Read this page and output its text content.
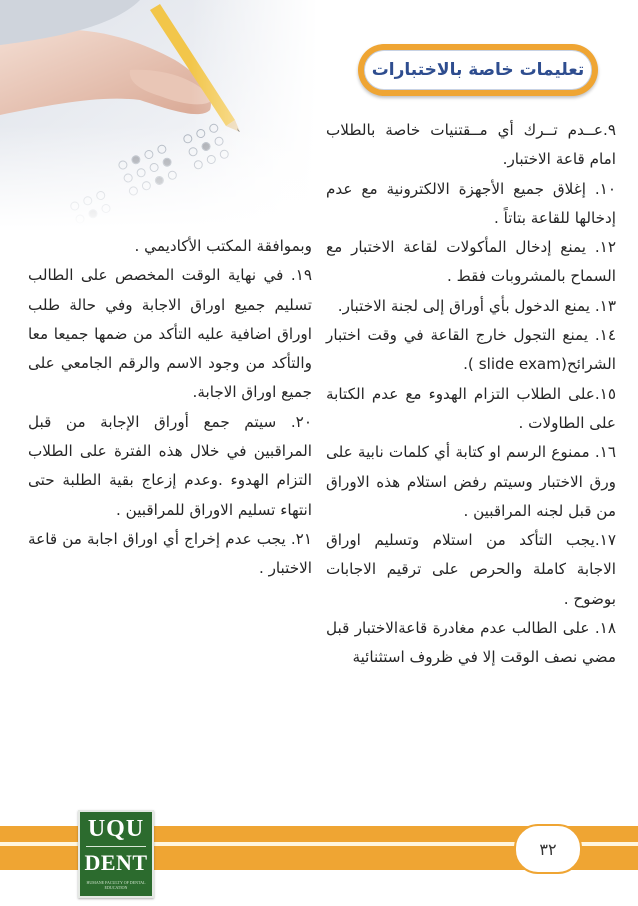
تعليمات خاصة بالاختبارات

٩.عــدم تــرك أي مــقتنيات خاصة بالطلاب امام قاعة الاختبار.

١٠. إغلاق جميع الأجهزة الالكترونية مع عدم إدخالها للقاعة بتاتاً .

١٢. يمنع إدخال المأكولات لقاعة الاختبار مع السماح بالمشروبات فقط .

١٣. يمنع الدخول بأي أوراق إلى لجنة الاختبار.

١٤. يمنع التجول خارج القاعة في وقت اختبار الشرائح(slide exam ).

١٥.على الطلاب التزام الهدوء مع عدم الكتابة على الطاولات .

١٦. ممنوع الرسم او كتابة أي كلمات نابية على ورق الاختبار وسيتم رفض استلام هذه الاوراق من قبل لجنه المراقبين .

١٧.يجب التأكد من استلام وتسليم اوراق الاجابة كاملة والحرص على ترقيم الاجابات بوضوح .

١٨. على الطالب عدم مغادرة قاعةالاختبار قبل مضي نصف الوقت إلا في ظروف استثنائية

وبموافقة المكتب الأكاديمي .

١٩. في نهاية الوقت المخصص على الطالب تسليم جميع اوراق الاجابة وفي حالة طلب اوراق اضافية عليه التأكد من ضمها جميعا معا والتأكد من وجود الاسم والرقم الجامعي على جميع اوراق الاجابة.

٢٠. سيتم جمع أوراق الإجابة من قبل المراقبين في خلال هذه الفترة على الطلاب التزام الهدوء .وعدم إزعاج بقية الطلبة حتى انتهاء تسليم الاوراق للمراقبين .

٢١. يجب عدم إخراج أي اوراق اجابة من قاعة الاختبار .

٣٢
UQU
DENT
HUMANE FACULTY OF DENTAL EDUCATION
